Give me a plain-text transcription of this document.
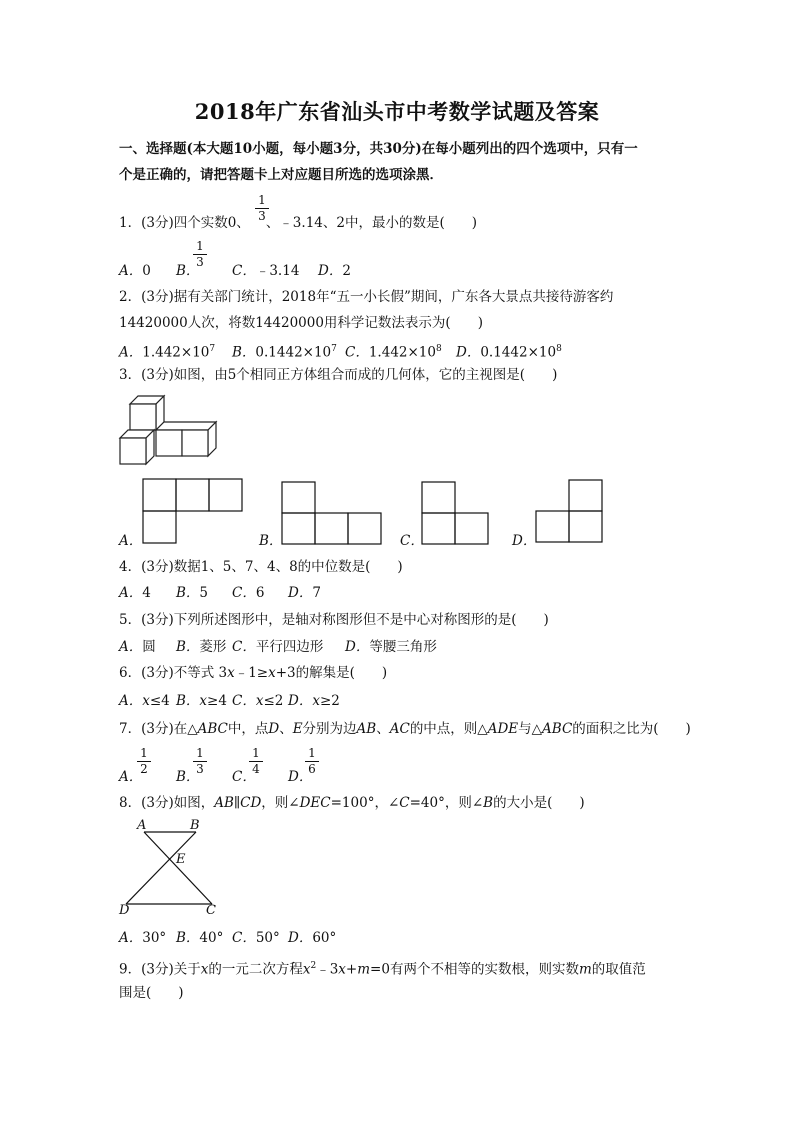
2018年广东省汕头市中考数学试题及答案
一、选择题(本大题10小题，每小题3分，共30分)在每小题列出的四个选项中，只有一
个是正确的，请把答题卡上对应题目所选的选项涂黑．
1．(3分)四个实数0、 、﹣3.14、2中，最小的数是(　　)
1
3
A．0 B．
1
3
C．﹣3.14 D．2
2．(3分)据有关部门统计，2018年“五一小长假”期间，广东各大景点共接待游客约
14420000人次，将数14420000用科学记数法表示为(　　)
A．$1.442\times 10^7$ B．$0.1442\times 10^7$ C．$1.442\times 10^8$ D．$0.1442\times 10^8$
3．(3分)如图，由5个相同正方体组合而成的几何体，它的主视图是(　　)
A．	B．	C．	D．
4．(3分)数据1、5、7、4、8的中位数是(　　)
A．4 B．5 C．6 D．7
5．(3分)下列所述图形中，是轴对称图形但不是中心对称图形的是(　　)
A．圆 B．菱形 C．平行四边形 D．等腰三角形
6．(3分)不等式 3x﹣1≥x+3的解集是(　　)
A．x≤4 B．x≥4 C．x≤2 D．x≥2
7．(3分)在△ABC中，点D、E分别为边AB、AC的中点，则△ADE与△ABC的面积之比为(　　)
A．
1
2 B．
1
3 C．
1
4 D．
1
6
8．(3分)如图，AB∥CD，则∠DEC=100°，∠C=40°，则∠B的大小是(　　)
A	B
E
D	C
A．30° B．40° C．50° D．60°
9．(3分)关于x的一元二次方程$x^2﹣3x+m=0$有两个不相等的实数根，则实数m的取值范
围是(　　)
